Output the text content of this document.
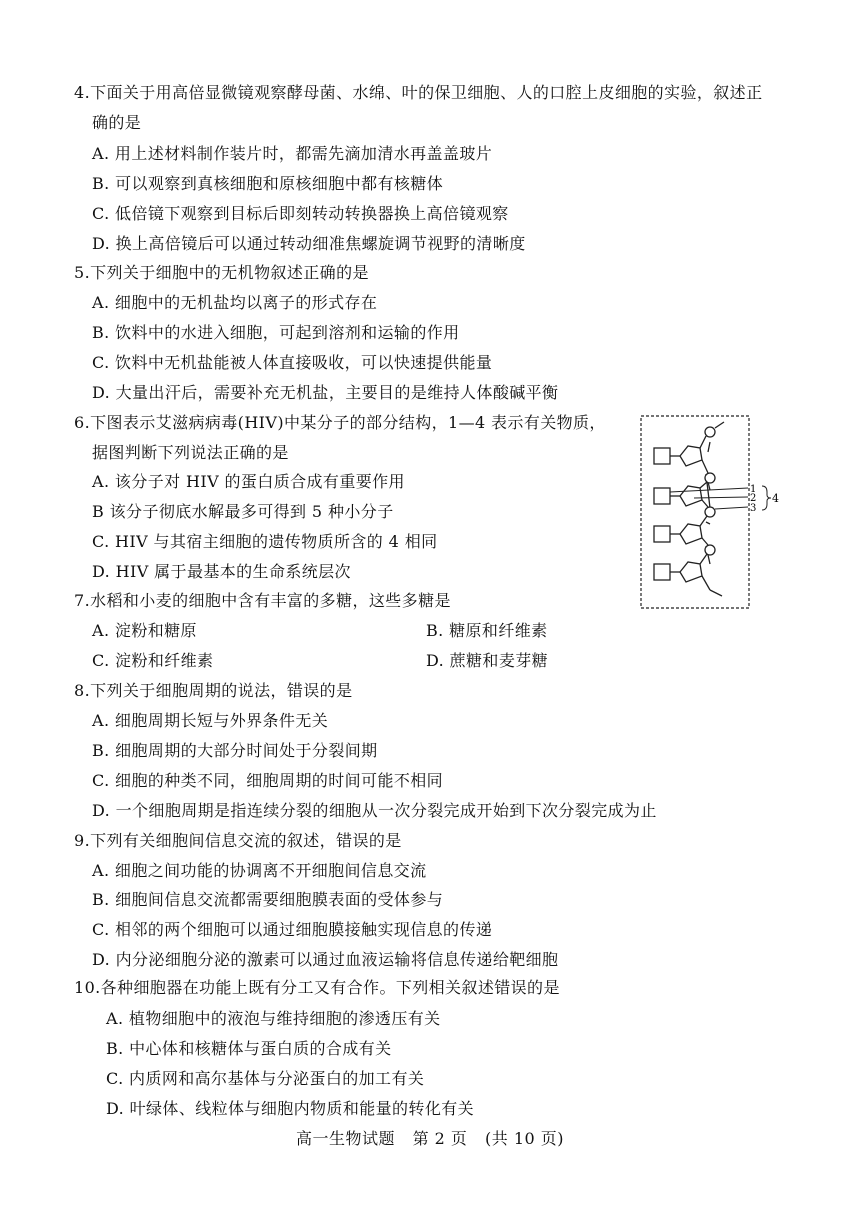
4.下面关于用高倍显微镜观察酵母菌、水绵、叶的保卫细胞、人的口腔上皮细胞的实验，叙述正
确的是
A. 用上述材料制作装片时，都需先滴加清水再盖盖玻片
B. 可以观察到真核细胞和原核细胞中都有核糖体
C. 低倍镜下观察到目标后即刻转动转换器换上高倍镜观察
D. 换上高倍镜后可以通过转动细准焦螺旋调节视野的清晰度
5.下列关于细胞中的无机物叙述正确的是
A. 细胞中的无机盐均以离子的形式存在
B. 饮料中的水进入细胞，可起到溶剂和运输的作用
C. 饮料中无机盐能被人体直接吸收，可以快速提供能量
D. 大量出汗后，需要补充无机盐，主要目的是维持人体酸碱平衡
6.下图表示艾滋病病毒(HIV)中某分子的部分结构，1—4 表示有关物质，
据图判断下列说法正确的是
A. 该分子对 HIV 的蛋白质合成有重要作用
B 该分子彻底水解最多可得到 5 种小分子
C. HIV 与其宿主细胞的遗传物质所含的 4 相同
D. HIV 属于最基本的生命系统层次
1
2
3
4
7.水稻和小麦的细胞中含有丰富的多糖，这些多糖是
A. 淀粉和糖原	B. 糖原和纤维素
C. 淀粉和纤维素	D. 蔗糖和麦芽糖
8.下列关于细胞周期的说法，错误的是
A. 细胞周期长短与外界条件无关
B. 细胞周期的大部分时间处于分裂间期
C. 细胞的种类不同，细胞周期的时间可能不相同
D. 一个细胞周期是指连续分裂的细胞从一次分裂完成开始到下次分裂完成为止
9.下列有关细胞间信息交流的叙述，错误的是
A. 细胞之间功能的协调离不开细胞间信息交流
B. 细胞间信息交流都需要细胞膜表面的受体参与
C. 相邻的两个细胞可以通过细胞膜接触实现信息的传递
D. 内分泌细胞分泌的激素可以通过血液运输将信息传递给靶细胞
10.各种细胞器在功能上既有分工又有合作。下列相关叙述错误的是
A. 植物细胞中的液泡与维持细胞的渗透压有关
B. 中心体和核糖体与蛋白质的合成有关
C. 内质网和高尔基体与分泌蛋白的加工有关
D. 叶绿体、线粒体与细胞内物质和能量的转化有关
高一生物试题 第 2 页 (共 10 页)
